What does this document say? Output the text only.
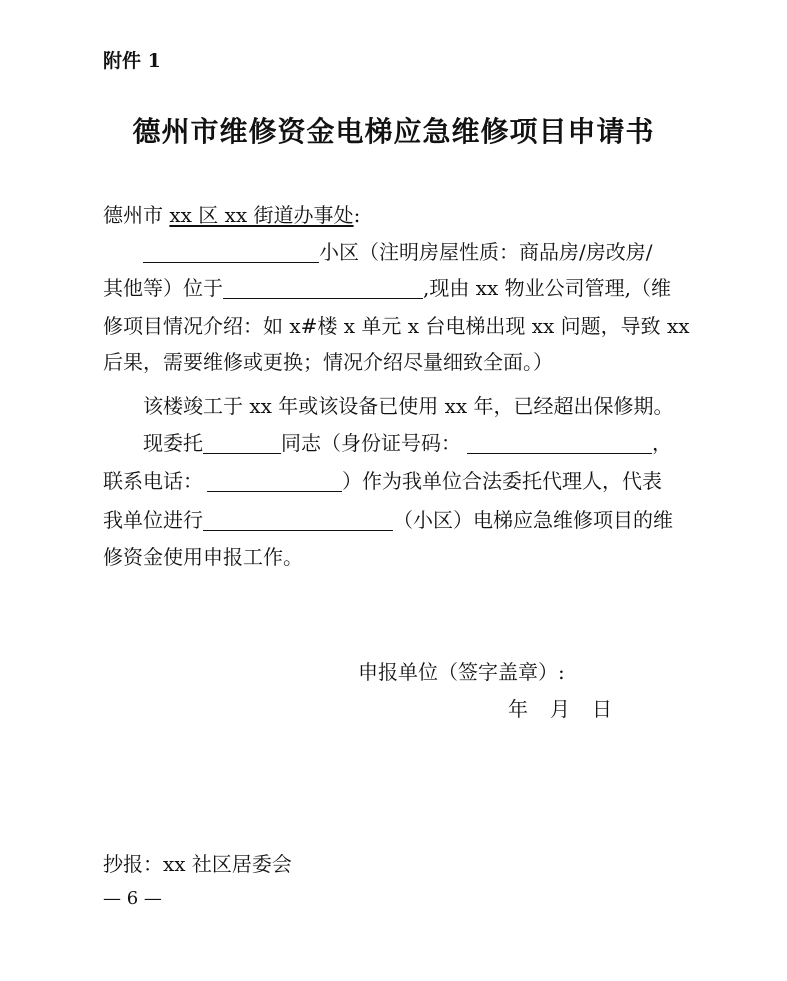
附件 1
德州市维修资金电梯应急维修项目申请书
德州市 xx 区 xx 街道办事处:
小区（注明房屋性质：商品房/房改房/
其他等）位于	,现由 xx 物业公司管理,（维
修项目情况介绍：如 x#楼 x 单元 x 台电梯出现 xx 问题，导致 xx
后果，需要维修或更换；情况介绍尽量细致全面。）
该楼竣工于 xx 年或该设备已使用 xx 年，已经超出保修期。
现委托	同志（身份证号码：	，
联系电话：	）作为我单位合法委托代理人，代表
我单位进行	（小区）电梯应急维修项目的维
修资金使用申报工作。
申报单位（签字盖章）:
年 月 日
抄报：xx 社区居委会
— 6 —
